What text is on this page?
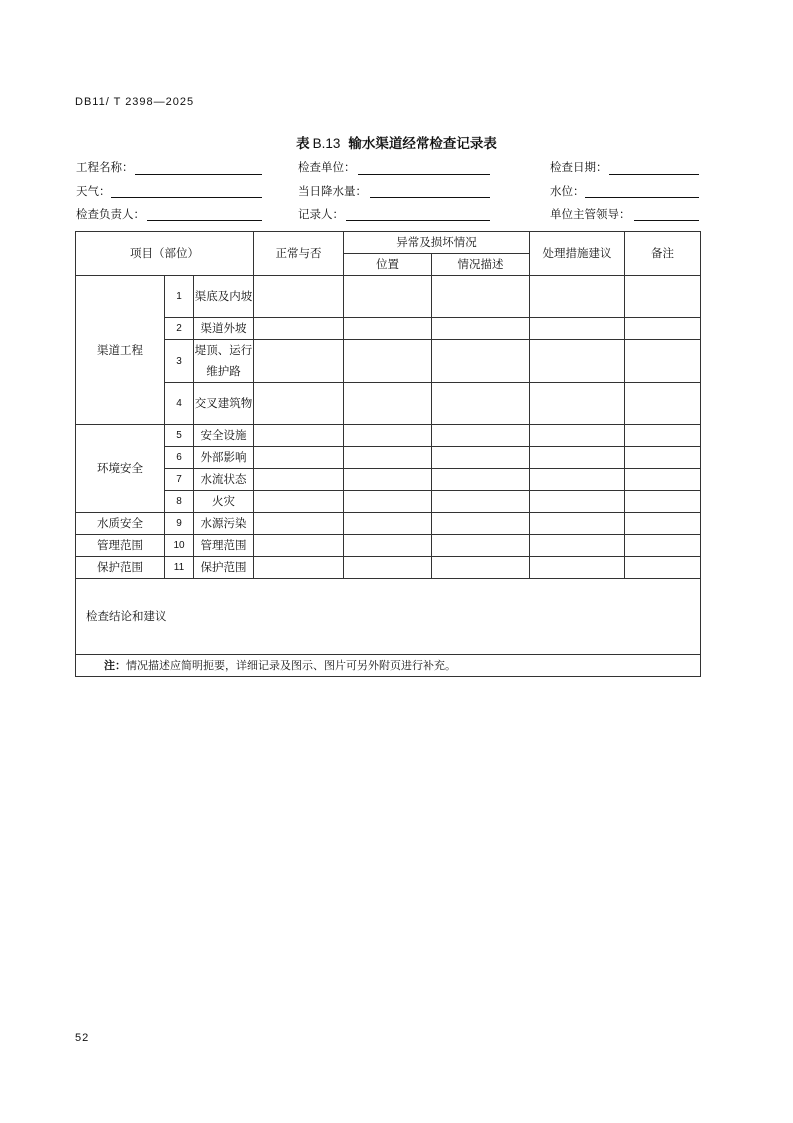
DB11/ T 2398—2025
表 B.13 输水渠道经常检查记录表
工程名称：	检查单位：	检查日期：
天气：	当日降水量：	水位：
检查负责人：	记录人：	单位主管领导：
项目（部位）			正常与否	异常及损坏情况		处理措施建议	备注
				位置	情况描述		
渠道工程	1	渠底及内坡					
	2	渠道外坡					
	3	堤顶、运行维护路					
	4	交叉建筑物					
环境安全	5	安全设施					
	6	外部影响					
	7	水流状态					
	8	火灾					
水质安全	9	水源污染					
管理范围	10	管理范围					
保护范围	11	保护范围					
检查结论和建议							
注：情况描述应简明扼要，详细记录及图示、图片可另外附页进行补充。							
52
